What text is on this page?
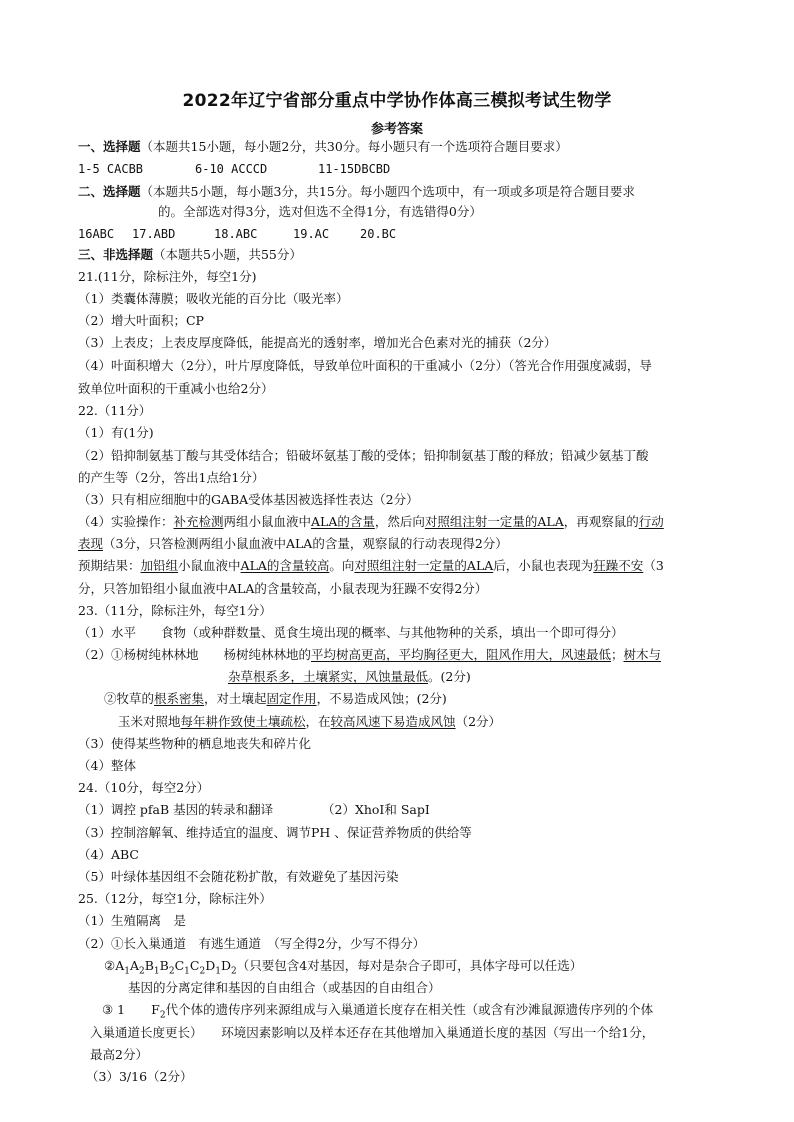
2022年辽宁省部分重点中学协作体高三模拟考试生物学
参考答案
一、选择题（本题共15小题，每小题2分，共30分。每小题只有一个选项符合题目要求）
1-5 CACBB	6-10 ACCCD	11-15DBCBD
二、选择题（本题共5小题，每小题3分，共15分。每小题四个选项中，有一项或多项是符合题目要求
的。全部选对得3分，选对但选不全得1分，有选错得0分）
16ABC 17.ABD	18.ABC	19.AC	20.BC
三、非选择题（本题共5小题，共55分）
21.(11分，除标注外，每空1分)
（1）类囊体薄膜；吸收光能的百分比（吸光率）
（2）增大叶面积；CP
（3）上表皮；上表皮厚度降低，能提高光的透射率，增加光合色素对光的捕获（2分）
（4）叶面积增大（2分），叶片厚度降低，导致单位叶面积的干重减小（2分）（答光合作用强度减弱，导
致单位叶面积的干重减小也给2分）
22.（11分）
（1）有(1分)
（2）铅抑制氨基丁酸与其受体结合；铅破坏氨基丁酸的受体；铅抑制氨基丁酸的释放；铅减少氨基丁酸
的产生等（2分，答出1点给1分）
（3）只有相应细胞中的GABA受体基因被选择性表达（2分）
（4）实验操作：补充检测两组小鼠血液中ALA的含量，然后向对照组注射一定量的ALA，再观察鼠的行动
表现（3分，只答检测两组小鼠血液中ALA的含量，观察鼠的行动表现得2分）
预期结果：加铅组小鼠血液中ALA的含量较高。向对照组注射一定量的ALA后，小鼠也表现为狂躁不安（3
分，只答加铅组小鼠血液中ALA的含量较高，小鼠表现为狂躁不安得2分）
23.（11分，除标注外，每空1分）
（1）水平　　食物（或种群数量、觅食生境出现的概率、与其他物种的关系，填出一个即可得分）
（2）①杨树纯林林地　　杨树纯林林地的平均树高更高，平均胸径更大，阻风作用大，风速最低；树木与
杂草根系多，土壤紧实，风蚀量最低。(2分)
②牧草的根系密集，对土壤起固定作用，不易造成风蚀；(2分)
玉米对照地每年耕作致使土壤疏松，在较高风速下易造成风蚀（2分）
（3）使得某些物种的栖息地丧失和碎片化
（4）整体
24.（10分，每空2分）
（1）调控 pfaB 基因的转录和翻译	（2）XhoⅠ和 SapⅠ
（3）控制溶解氧、维持适宜的温度、调节PH 、保证营养物质的供给等
（4）ABC
（5）叶绿体基因组不会随花粉扩散，有效避免了基因污染
25.（12分，每空1分，除标注外）
（1）生殖隔离　是
（2）①长入巢通道　有逃生通道　（写全得2分，少写不得分）
$②A_1A_2B_1B_2C_1C_2D_1D_2$（只要包含4对基因，每对是杂合子即可，具体字母可以任选）
基因的分离定律和基因的自由组合（或基因的自由组合）
③ 1 $F_2$代个体的遗传序列来源组成与入巢通道长度存在相关性（或含有沙滩鼠源遗传序列的个体
入巢通道长度更长）　　环境因素影响以及样本还存在其他增加入巢通道长度的基因（写出一个给1分，
最高2分）
（3）3/16（2分）
